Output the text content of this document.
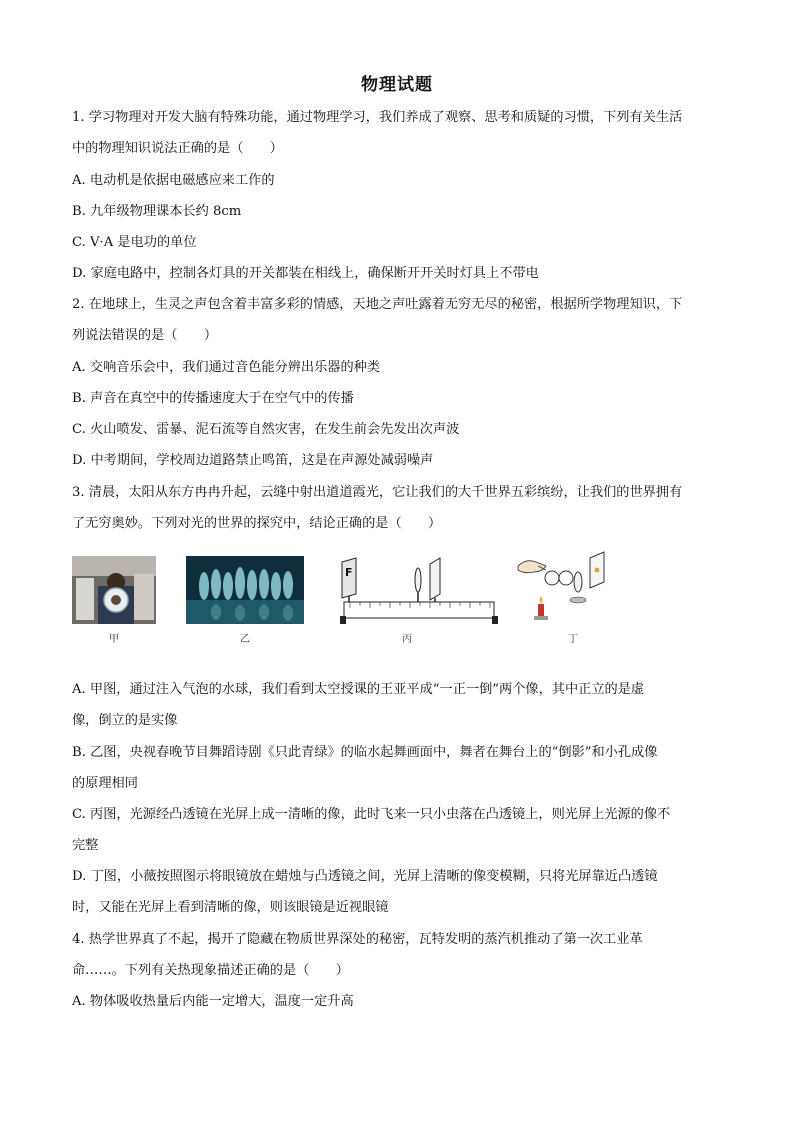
物理试题
1. 学习物理对开发大脑有特殊功能，通过物理学习，我们养成了观察、思考和质疑的习惯，下列有关生活
中的物理知识说法正确的是（　　）
A. 电动机是依据电磁感应来工作的
B. 九年级物理课本长约 8cm
C. V·A 是电功的单位
D. 家庭电路中，控制各灯具的开关都装在相线上，确保断开开关时灯具上不带电
2. 在地球上，生灵之声包含着丰富多彩的情感，天地之声吐露着无穷无尽的秘密，根据所学物理知识，下
列说法错误的是（　　）
A. 交响音乐会中，我们通过音色能分辨出乐器的种类
B. 声音在真空中的传播速度大于在空气中的传播
C. 火山喷发、雷暴、泥石流等自然灾害，在发生前会先发出次声波
D. 中考期间，学校周边道路禁止鸣笛，这是在声源处减弱噪声
3. 清晨，太阳从东方冉冉升起，云缝中射出道道霞光，它让我们的大千世界五彩缤纷，让我们的世界拥有
了无穷奥妙。下列对光的世界的探究中，结论正确的是（　　）
甲	乙
F
丙	丁
A. 甲图，通过注入气泡的水球，我们看到太空授课的王亚平成“一正一倒”两个像，其中正立的是虚
像，倒立的是实像
B. 乙图，央视春晚节目舞蹈诗剧《只此青绿》的临水起舞画面中，舞者在舞台上的“倒影”和小孔成像
的原理相同
C. 丙图，光源经凸透镜在光屏上成一清晰的像，此时飞来一只小虫落在凸透镜上，则光屏上光源的像不
完整
D. 丁图，小薇按照图示将眼镜放在蜡烛与凸透镜之间，光屏上清晰的像变模糊，只将光屏靠近凸透镜
时，又能在光屏上看到清晰的像，则该眼镜是近视眼镜
4. 热学世界真了不起，揭开了隐藏在物质世界深处的秘密，瓦特发明的蒸汽机推动了第一次工业革
命……。下列有关热现象描述正确的是（　　）
A. 物体吸收热量后内能一定增大，温度一定升高
